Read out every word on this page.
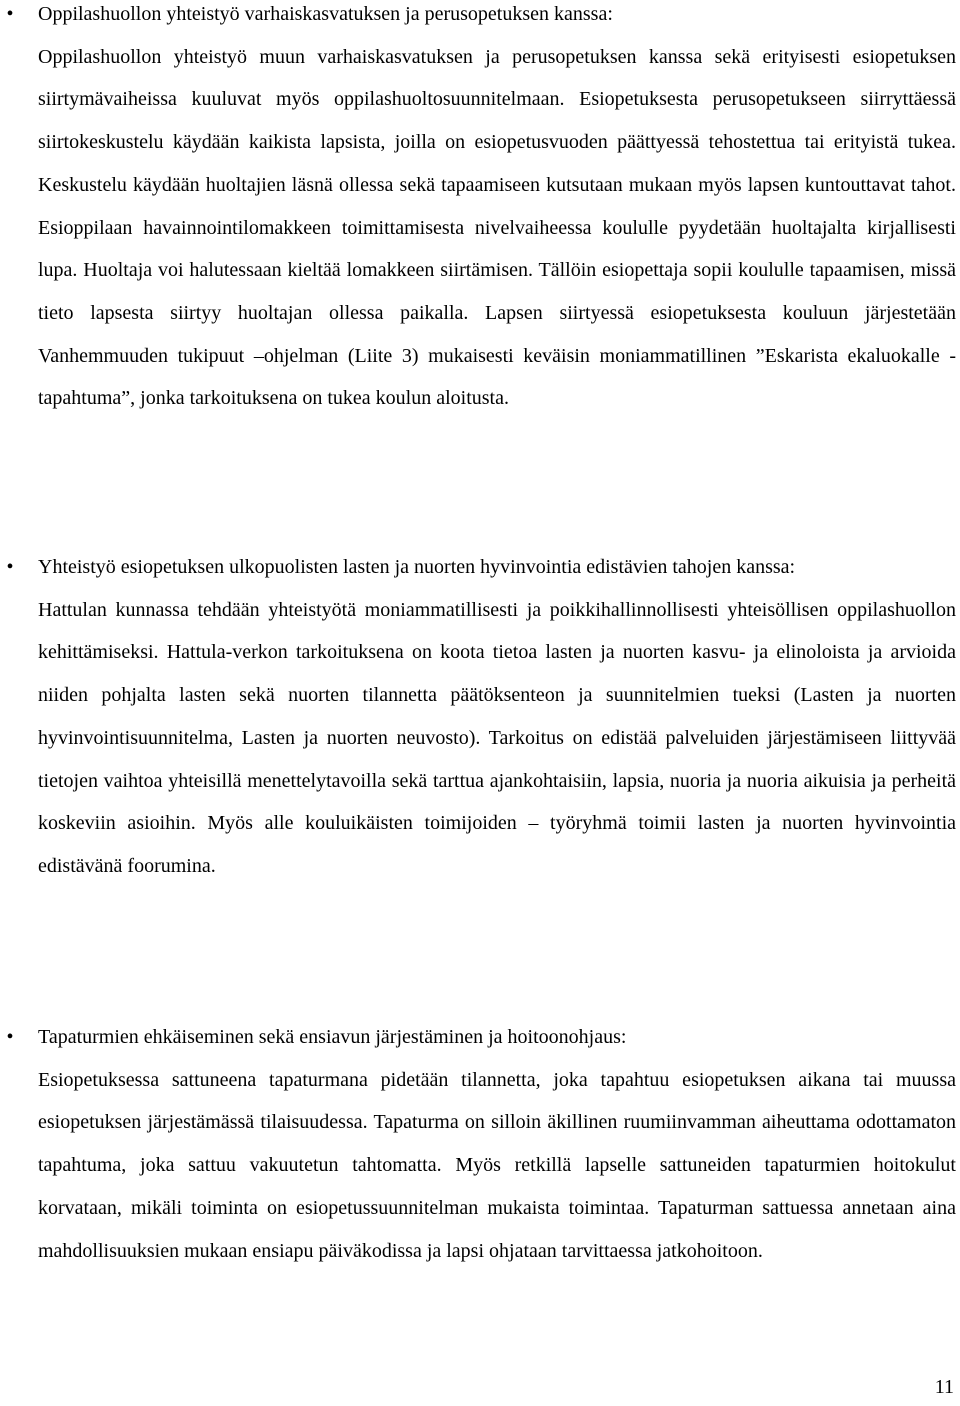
•	Oppilashuollon yhteistyö varhaiskasvatuksen ja perusopetuksen kanssa:

Oppilashuollon yhteistyö muun varhaiskasvatuksen ja perusopetuksen kanssa sekä erityisesti esiopetuksen siirtymävaiheissa kuuluvat myös oppilashuoltosuunnitelmaan. Esiopetuksesta perusopetukseen siirryttäessä siirtokeskustelu käydään kaikista lapsista, joilla on esiopetusvuoden päättyessä tehostettua tai erityistä tukea. Keskustelu käydään huoltajien läsnä ollessa sekä tapaamiseen kutsutaan mukaan myös lapsen kuntouttavat tahot. Esioppilaan havainnointilomakkeen toimittamisesta nivelvaiheessa koululle pyydetään huoltajalta kirjallisesti lupa. Huoltaja voi halutessaan kieltää lomakkeen siirtämisen. Tällöin esiopettaja sopii koululle tapaamisen, missä tieto lapsesta siirtyy huoltajan ollessa paikalla. Lapsen siirtyessä esiopetuksesta kouluun järjestetään Vanhemmuuden tukipuut –ohjelman (Liite 3) mukaisesti keväisin moniammatillinen ”Eskarista ekaluokalle -tapahtuma”, jonka tarkoituksena on tukea koulun aloitusta.

•	Yhteistyö esiopetuksen ulkopuolisten lasten ja nuorten hyvinvointia edistävien tahojen kanssa:

Hattulan kunnassa tehdään yhteistyötä moniammatillisesti ja poikkihallinnollisesti yhteisöllisen oppilashuollon kehittämiseksi. Hattula-verkon tarkoituksena on koota tietoa lasten ja nuorten kasvu- ja elinoloista ja arvioida niiden pohjalta lasten sekä nuorten tilannetta päätöksenteon ja suunnitelmien tueksi (Lasten ja nuorten hyvinvointisuunnitelma, Lasten ja nuorten neuvosto). Tarkoitus on edistää palveluiden järjestämiseen liittyvää tietojen vaihtoa yhteisillä menettelytavoilla sekä tarttua ajankohtaisiin, lapsia, nuoria ja nuoria aikuisia ja perheitä koskeviin asioihin. Myös alle kouluikäisten toimijoiden – työryhmä toimii lasten ja nuorten hyvinvointia edistävänä foorumina.

•	Tapaturmien ehkäiseminen sekä ensiavun järjestäminen ja hoitoonohjaus:

Esiopetuksessa sattuneena tapaturmana pidetään tilannetta, joka tapahtuu esiopetuksen aikana tai muussa esiopetuksen järjestämässä tilaisuudessa. Tapaturma on silloin äkillinen ruumiinvamman aiheuttama odottamaton tapahtuma, joka sattuu vakuutetun tahtomatta. Myös retkillä lapselle sattuneiden tapaturmien hoitokulut korvataan, mikäli toiminta on esiopetussuunnitelman mukaista toimintaa. Tapaturman sattuessa annetaan aina mahdollisuuksien mukaan ensiapu päiväkodissa ja lapsi ohjataan tarvittaessa jatkohoitoon.

11
